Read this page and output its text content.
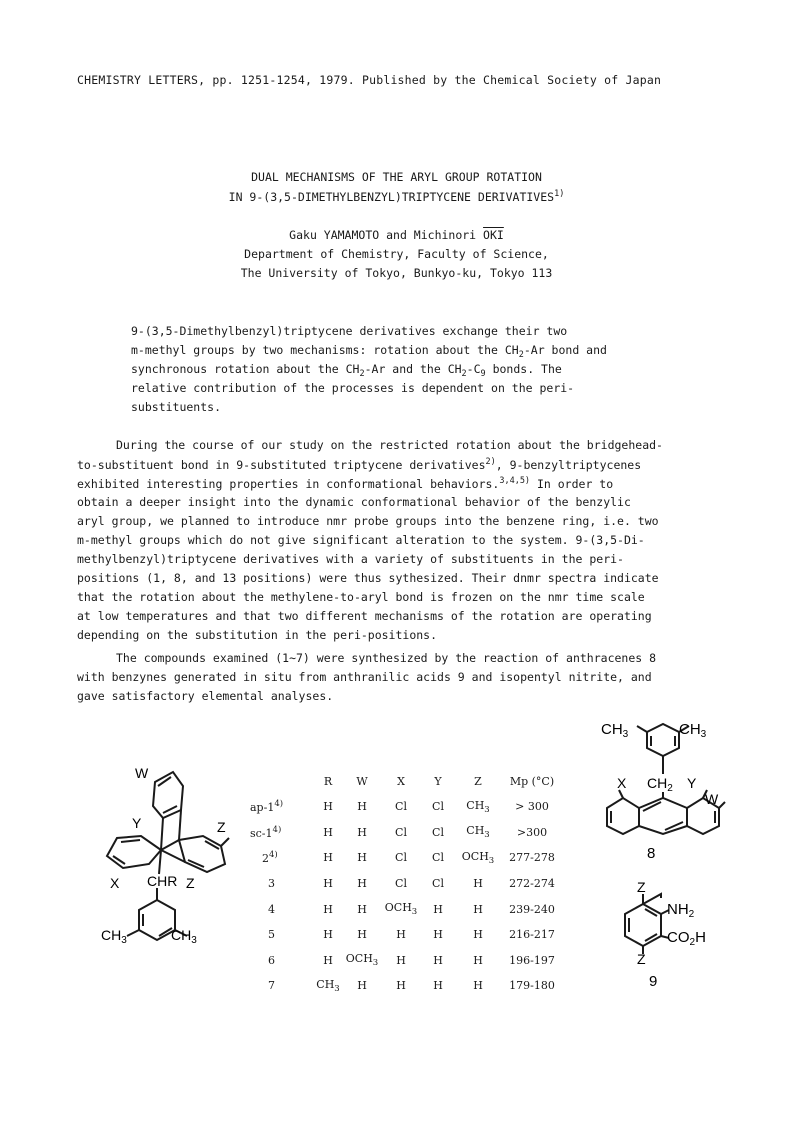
CHEMISTRY LETTERS, pp. 1251-1254, 1979. Published by the Chemical Society of Japan
DUAL MECHANISMS OF THE ARYL GROUP ROTATION
IN 9-(3,5-DIMETHYLBENZYL)TRIPTYCENE DERIVATIVES$^{1)}$
Gaku YAMAMOTO and Michinori $\overline{OKI}$
Department of Chemistry, Faculty of Science,
The University of Tokyo, Bunkyo-ku, Tokyo 113
9-(3,5-Dimethylbenzyl)triptycene derivatives exchange their two
m-methyl groups by two mechanisms: rotation about the $CH_2-Ar$ bond and
synchronous rotation about the $CH_2-Ar$ and the $CH_2-C_9$ bonds. The
relative contribution of the processes is dependent on the peri-
substituents.
During the course of our study on the restricted rotation about the bridgehead-
to-substituent bond in 9-substituted triptycene derivatives$^{2)}$, 9-benzyltriptycenes
exhibited interesting properties in conformational behaviors.$^{3,4,5)}$ In order to
obtain a deeper insight into the dynamic conformational behavior of the benzylic
aryl group, we planned to introduce nmr probe groups into the benzene ring, i.e. two
m-methyl groups which do not give significant alteration to the system. 9-(3,5-Di-
methylbenzyl)triptycene derivatives with a variety of substituents in the peri-
positions (1, 8, and 13 positions) were thus sythesized. Their dnmr spectra indicate
that the rotation about the methylene-to-aryl bond is frozen on the nmr time scale
at low temperatures and that two different mechanisms of the rotation are operating
depending on the substitution in the peri-positions.
The compounds examined (1∼7) were synthesized by the reaction of anthracenes 8
with benzynes generated in situ from anthranilic acids 9 and isopentyl nitrite, and
gave satisfactory elemental analyses.
	R	W	X	Y	Z	Mp (°C)
ap-1$^{4)}$	H	H	Cl	Cl	$CH_3$	> 300
sc-1$^{4)}$	H	H	Cl	Cl	$CH_3$	>300
2$^{4)}$	H	H	Cl	Cl	$OCH_3$	277-278
3	H	H	Cl	Cl	H	272-274
4	H	H	$OCH_3$	H	H	239-240
5	H	H	H	H	H	216-217
6	H	$OCH_3$	H	H	H	196-197
7	$CH_3$	H	H	H	H	179-180
W
Y	Z
X CHR Z
$CH_3$	$CH_3$
$CH_3$	$CH_3$
X $CH_2$ Y
W
8
Z
$NH_2$
$CO_2H$
Z
9
